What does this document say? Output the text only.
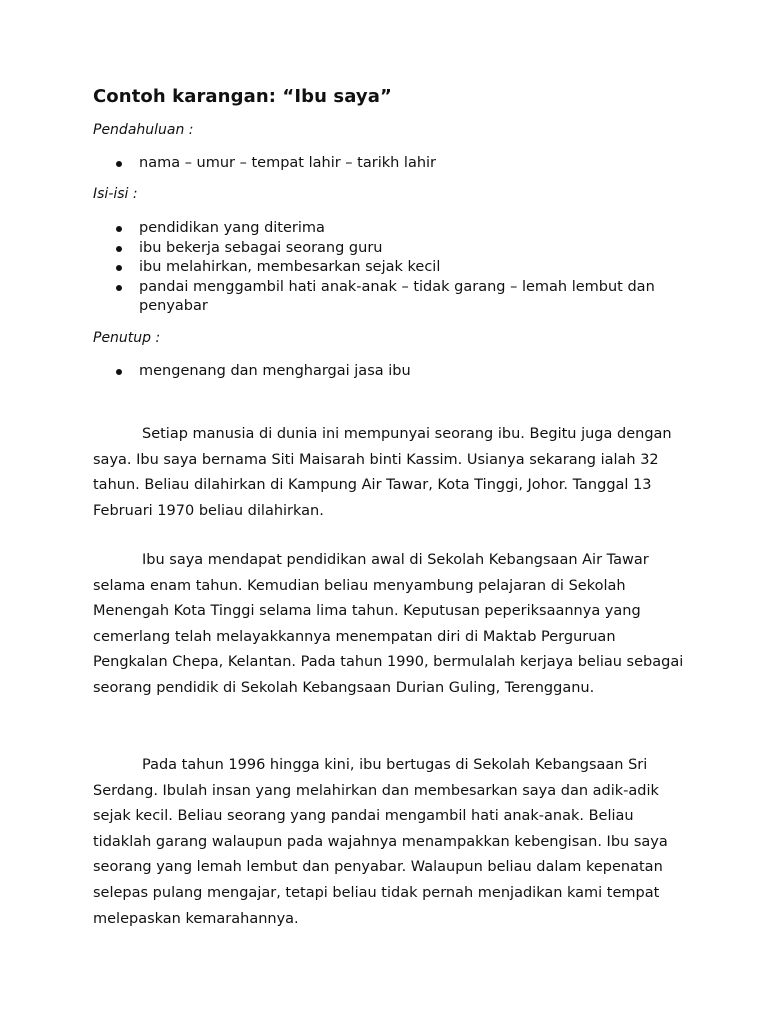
Contoh karangan: “Ibu saya”
Pendahuluan :
nama – umur – tempat lahir – tarikh lahir
Isi-isi :
pendidikan yang diterima
ibu bekerja sebagai seorang guru
ibu melahirkan, membesarkan sejak kecil
pandai menggambil hati anak-anak – tidak garang – lemah lembut dan penyabar
Penutup :
mengenang dan menghargai jasa ibu

Setiap manusia di dunia ini mempunyai seorang ibu. Begitu juga dengan saya. Ibu saya bernama Siti Maisarah binti Kassim. Usianya sekarang ialah 32 tahun. Beliau dilahirkan di Kampung Air Tawar, Kota Tinggi, Johor. Tanggal 13 Februari 1970 beliau dilahirkan.

Ibu saya mendapat pendidikan awal di Sekolah Kebangsaan Air Tawar selama enam tahun. Kemudian beliau menyambung pelajaran di Sekolah Menengah Kota Tinggi selama lima tahun. Keputusan peperiksaannya yang cemerlang telah melayakkannya menempatan diri di Maktab Perguruan Pengkalan Chepa, Kelantan. Pada tahun 1990, bermulalah kerjaya beliau sebagai seorang pendidik di Sekolah Kebangsaan Durian Guling, Terengganu.

Pada tahun 1996 hingga kini, ibu bertugas di Sekolah Kebangsaan Sri Serdang. Ibulah insan yang melahirkan dan membesarkan saya dan adik-adik sejak kecil. Beliau seorang yang pandai mengambil hati anak-anak. Beliau tidaklah garang walaupun pada wajahnya menampakkan kebengisan. Ibu saya seorang yang lemah lembut dan penyabar. Walaupun beliau dalam kepenatan selepas pulang mengajar, tetapi beliau tidak pernah menjadikan kami tempat melepaskan kemarahannya.
